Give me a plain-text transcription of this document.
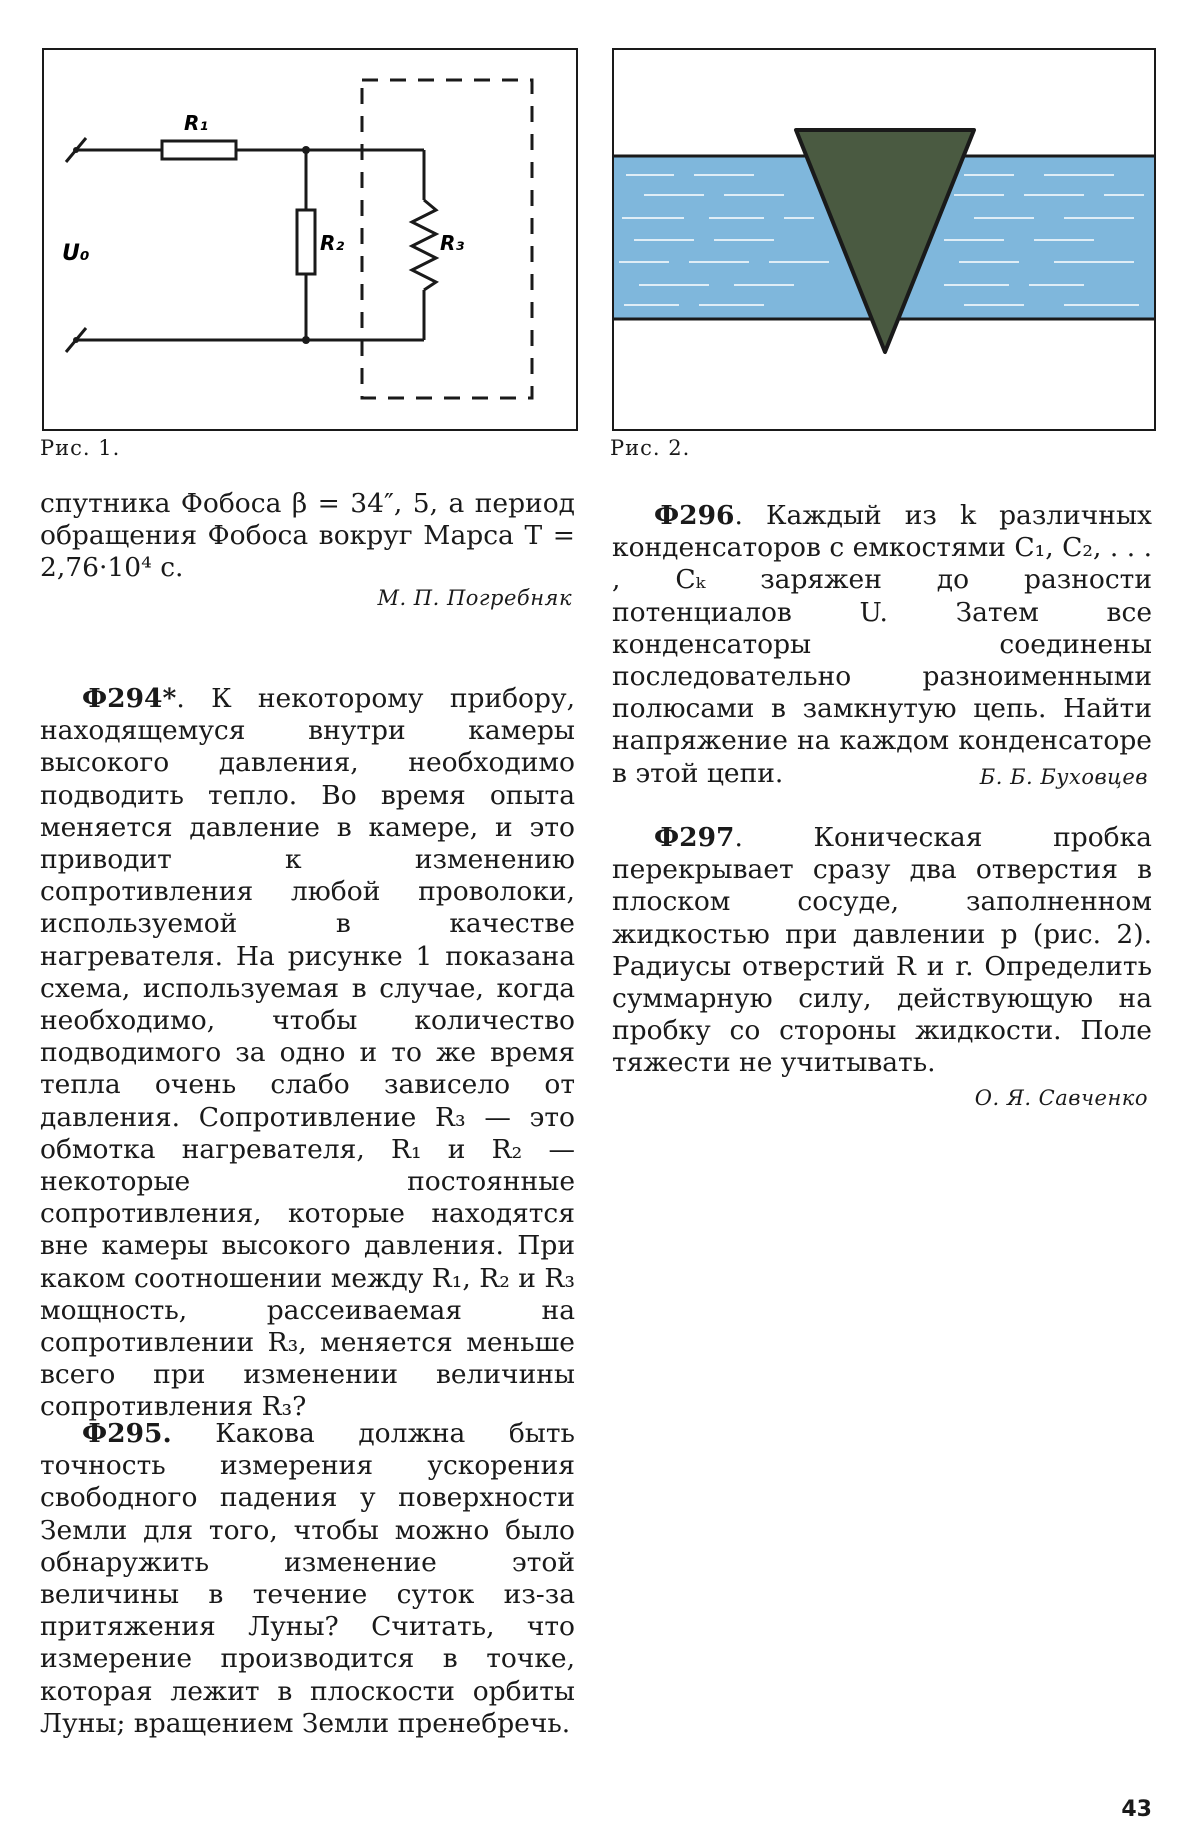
U₀
R₁
R₂	R₃
Рис. 1.	Рис. 2.
спутника Фобоса β = 34″, 5, а период обращения Фобоса вокруг Марса T = 2,76·10⁴ с.
М. П. Погребняк
Ф294*. К некоторому прибору, находящемуся внутри камеры высокого давления, необходимо подводить тепло. Во время опыта меняется давление в камере, и это приводит к изменению сопротивления любой проволоки, используемой в качестве нагревателя. На рисунке 1 показана схема, используемая в случае, когда необходимо, чтобы количество подводимого за одно и то же время тепла очень слабо зависело от давления. Сопротивление R₃ — это обмотка нагревателя, R₁ и R₂ — некоторые постоянные сопротивления, которые находятся вне камеры высокого давления. При каком соотношении между R₁, R₂ и R₃ мощность, рассеиваемая на сопротивлении R₃, меняется меньше всего при изменении величины сопротивления R₃?
Ф295. Какова должна быть точность измерения ускорения свободного падения у поверхности Земли для того, чтобы можно было обнаружить изменение этой величины в течение суток из-за притяжения Луны? Считать, что измерение производится в точке, которая лежит в плоскости орбиты Луны; вращением Земли пренебречь.
Ф296. Каждый из k различных конденсаторов с емкостями C₁, C₂, . . . , Cₖ заряжен до разности потенциалов U. Затем все конденсаторы соединены последовательно разноименными полюсами в замкнутую цепь. Найти напряжение на каждом конденсаторе в этой цепи.	Б. Б. Буховцев
Ф297. Коническая пробка перекрывает сразу два отверстия в плоском сосуде, заполненном жидкостью при давлении p (рис. 2). Радиусы отверстий R и r. Определить суммарную силу, действующую на пробку со стороны жидкости. Поле тяжести не учитывать.
О. Я. Савченко
43
